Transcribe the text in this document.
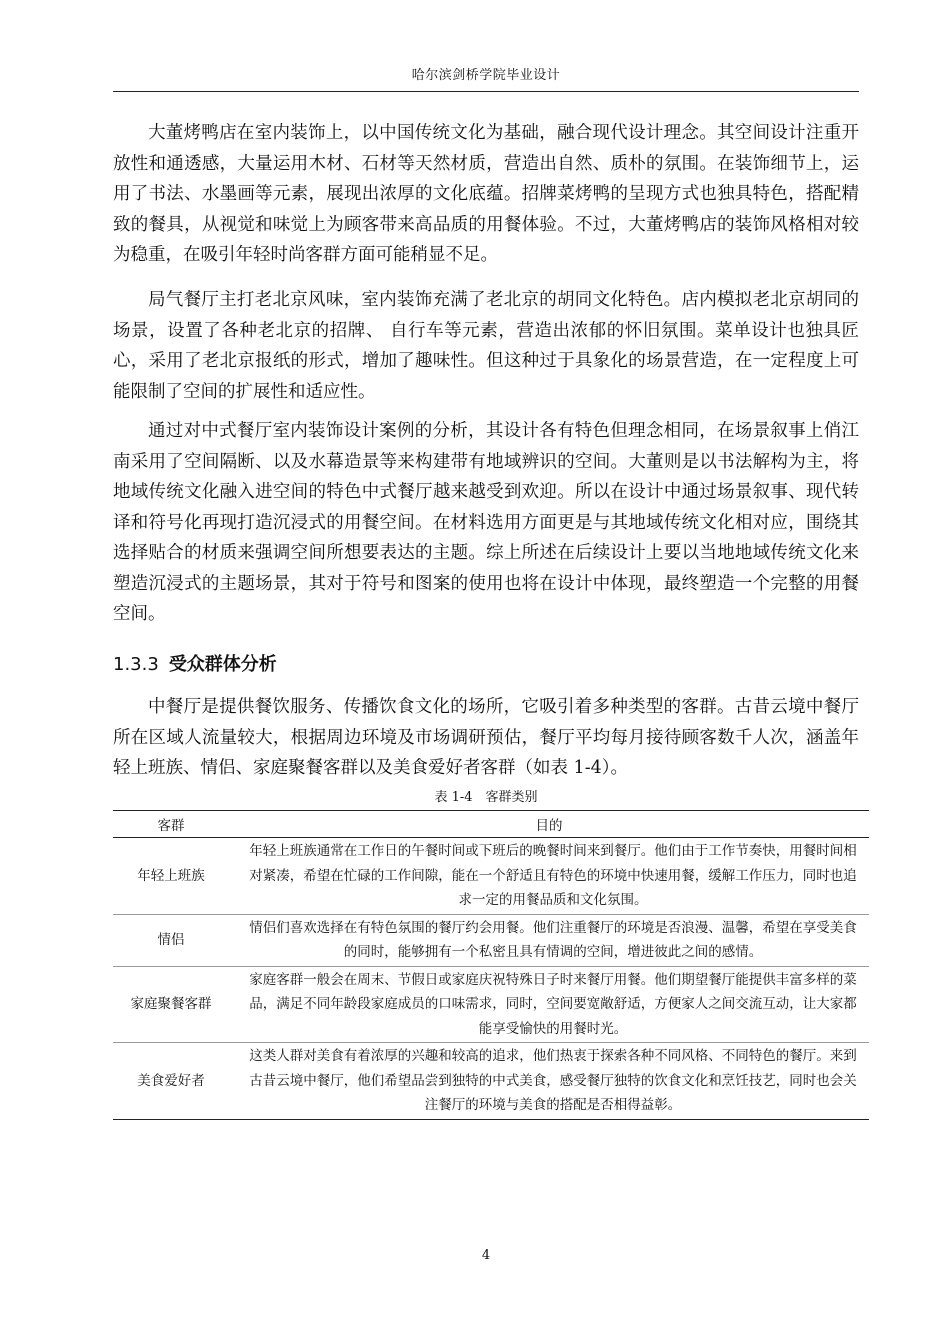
哈尔滨剑桥学院毕业设计

大董烤鸭店在室内装饰上，以中国传统文化为基础，融合现代设计理念。其空间设计注重开放性和通透感，大量运用木材、石材等天然材质，营造出自然、质朴的氛围。在装饰细节上，运用了书法、水墨画等元素，展现出浓厚的文化底蕴。招牌菜烤鸭的呈现方式也独具特色，搭配精致的餐具，从视觉和味觉上为顾客带来高品质的用餐体验。不过，大董烤鸭店的装饰风格相对较为稳重，在吸引年轻时尚客群方面可能稍显不足。

局气餐厅主打老北京风味，室内装饰充满了老北京的胡同文化特色。店内模拟老北京胡同的场景，设置了各种老北京的招牌、 自行车等元素，营造出浓郁的怀旧氛围。菜单设计也独具匠心，采用了老北京报纸的形式，增加了趣味性。但这种过于具象化的场景营造，在一定程度上可能限制了空间的扩展性和适应性。

通过对中式餐厅室内装饰设计案例的分析，其设计各有特色但理念相同，在场景叙事上俏江南采用了空间隔断、以及水幕造景等来构建带有地域辨识的空间。大董则是以书法解构为主，将地域传统文化融入进空间的特色中式餐厅越来越受到欢迎。所以在设计中通过场景叙事、现代转译和符号化再现打造沉浸式的用餐空间。在材料选用方面更是与其地域传统文化相对应，围绕其选择贴合的材质来强调空间所想要表达的主题。综上所述在后续设计上要以当地地域传统文化来塑造沉浸式的主题场景，其对于符号和图案的使用也将在设计中体现，最终塑造一个完整的用餐空间。

1.3.3 受众群体分析

中餐厅是提供餐饮服务、传播饮食文化的场所，它吸引着多种类型的客群。古昔云境中餐厅所在区域人流量较大，根据周边环境及市场调研预估，餐厅平均每月接待顾客数千人次，涵盖年轻上班族、情侣、家庭聚餐客群以及美食爱好者客群（如表 1-4）。

表 1-4　客群类别
客群	目的
年轻上班族	年轻上班族通常在工作日的午餐时间或下班后的晚餐时间来到餐厅。他们由于工作节奏快，用餐时间相对紧凑，希望在忙碌的工作间隙，能在一个舒适且有特色的环境中快速用餐，缓解工作压力，同时也追求一定的用餐品质和文化氛围。
情侣	情侣们喜欢选择在有特色氛围的餐厅约会用餐。他们注重餐厅的环境是否浪漫、温馨，希望在享受美食的同时，能够拥有一个私密且具有情调的空间，增进彼此之间的感情。
家庭聚餐客群	家庭客群一般会在周末、节假日或家庭庆祝特殊日子时来餐厅用餐。他们期望餐厅能提供丰富多样的菜品，满足不同年龄段家庭成员的口味需求，同时，空间要宽敞舒适，方便家人之间交流互动，让大家都能享受愉快的用餐时光。
美食爱好者	这类人群对美食有着浓厚的兴趣和较高的追求，他们热衷于探索各种不同风格、不同特色的餐厅。来到古昔云境中餐厅，他们希望品尝到独特的中式美食，感受餐厅独特的饮食文化和烹饪技艺，同时也会关注餐厅的环境与美食的搭配是否相得益彰。
4
